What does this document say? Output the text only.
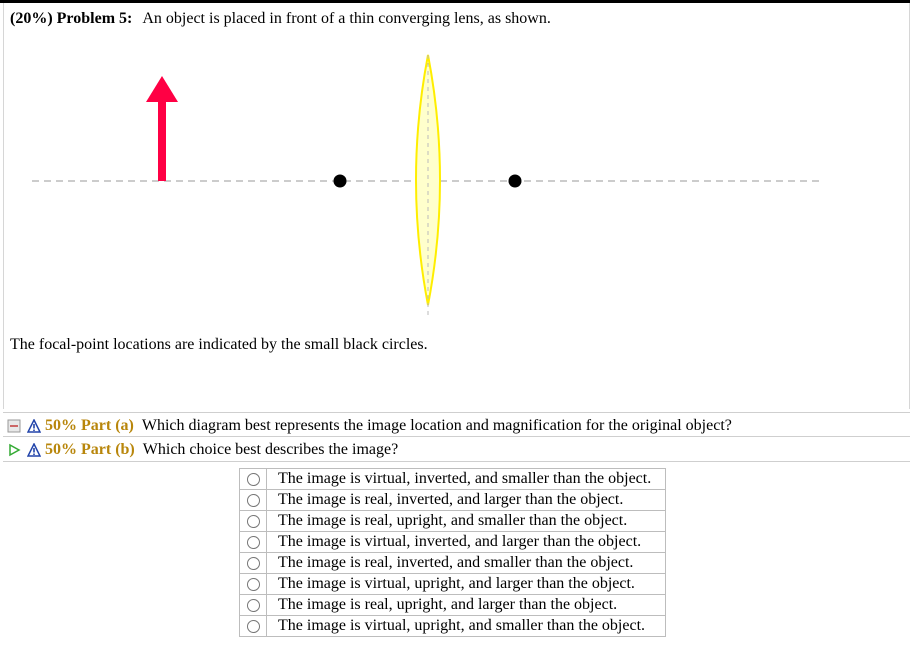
(20%) Problem 5: An object is placed in front of a thin converging lens, as shown.
The focal-point locations are indicated by the small black circles.
50% Part (a) Which diagram best represents the image location and magnification for the original object?
50% Part (b) Which choice best describes the image?
	The image is virtual, inverted, and smaller than the object.
	The image is real, inverted, and larger than the object.
	The image is real, upright, and smaller than the object.
	The image is virtual, inverted, and larger than the object.
	The image is real, inverted, and smaller than the object.
	The image is virtual, upright, and larger than the object.
	The image is real, upright, and larger than the object.
	The image is virtual, upright, and smaller than the object.
